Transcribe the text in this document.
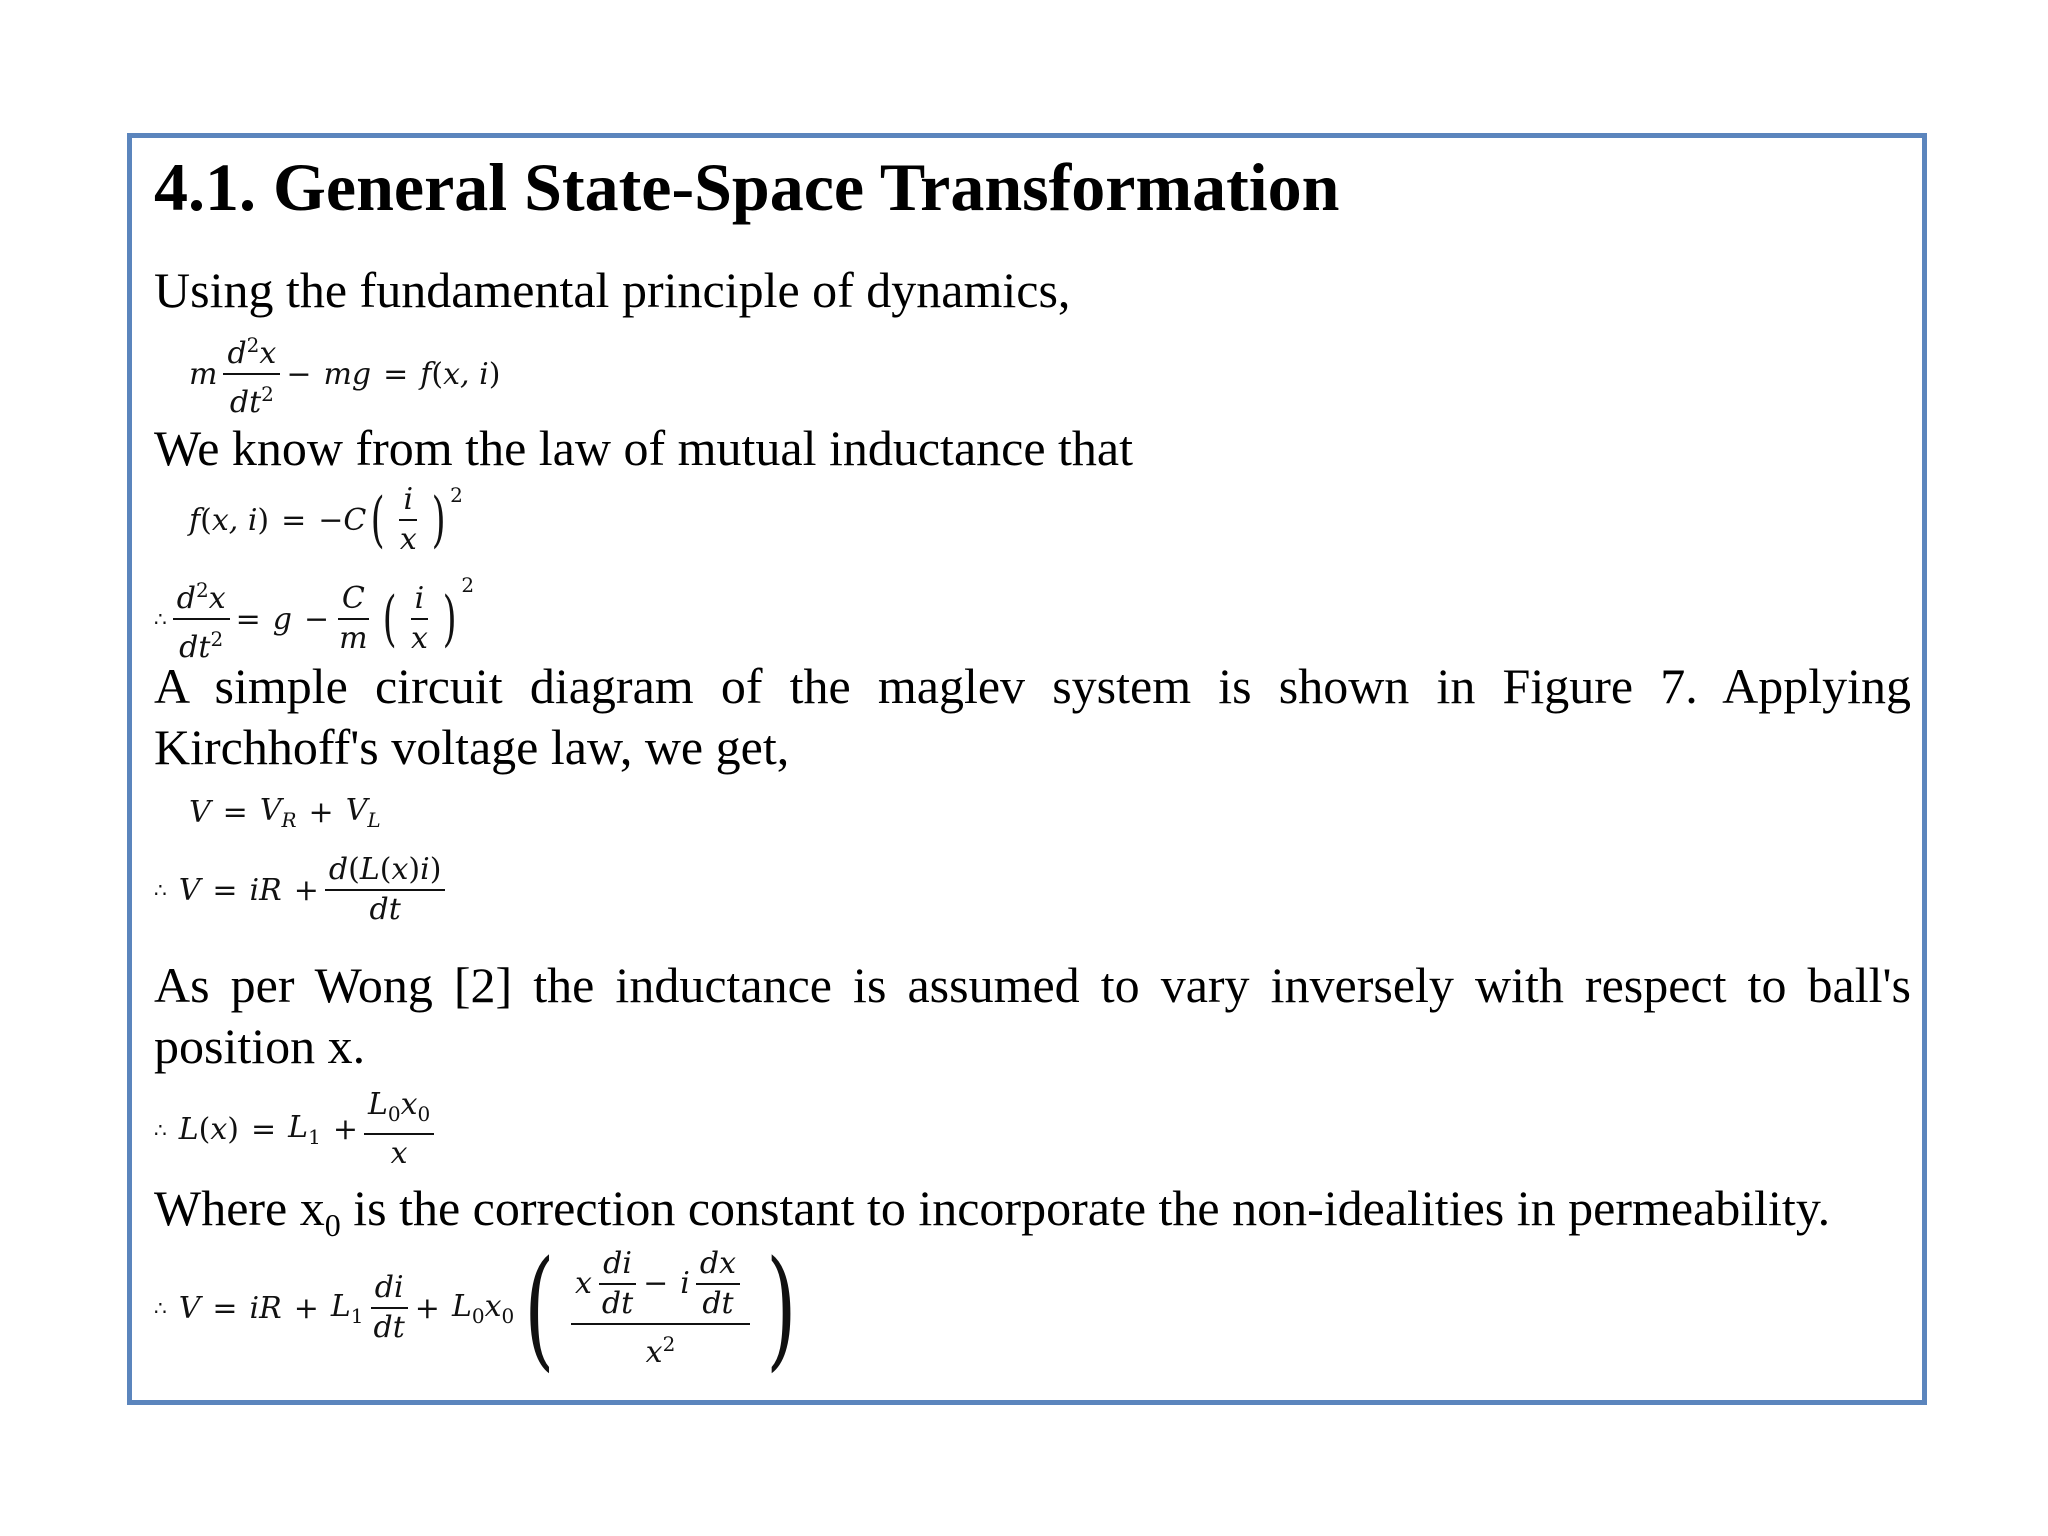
4.1. General State-Space Transformation
Using the fundamental principle of dynamics,
m $\frac{d^2x}{dt^2}$ − mg = f ( x, i )
We know from the law of mutual inductance that
f ( x, i ) = − C ( $\frac{i}{x} )^2$
∴ $\frac{d^2x}{dt^2} = g - \frac{C}{m}$ ( $\frac{i}{x} )^2$
A simple circuit diagram of the maglev system is shown in Figure 7. Applying Kirchhoff's voltage law, we get,
$V = V_R + V_L$
∴ V = iR + $\frac{d(L(x)i)}{dt}$
As per Wong [2] the inductance is assumed to vary inversely with respect to ball's position x.
∴ L ( x ) = $L_1 + \frac{L_0x_0}{x}$
Where $x_0$ is the correction constant to incorporate the non-idealities in permeability.
∴ V = iR + $L_1 \frac{di}{dt} + L_0x_0$ ( $\frac{x \frac{di}{dt} - i \frac{dx}{dt}}{x^2}$ )
